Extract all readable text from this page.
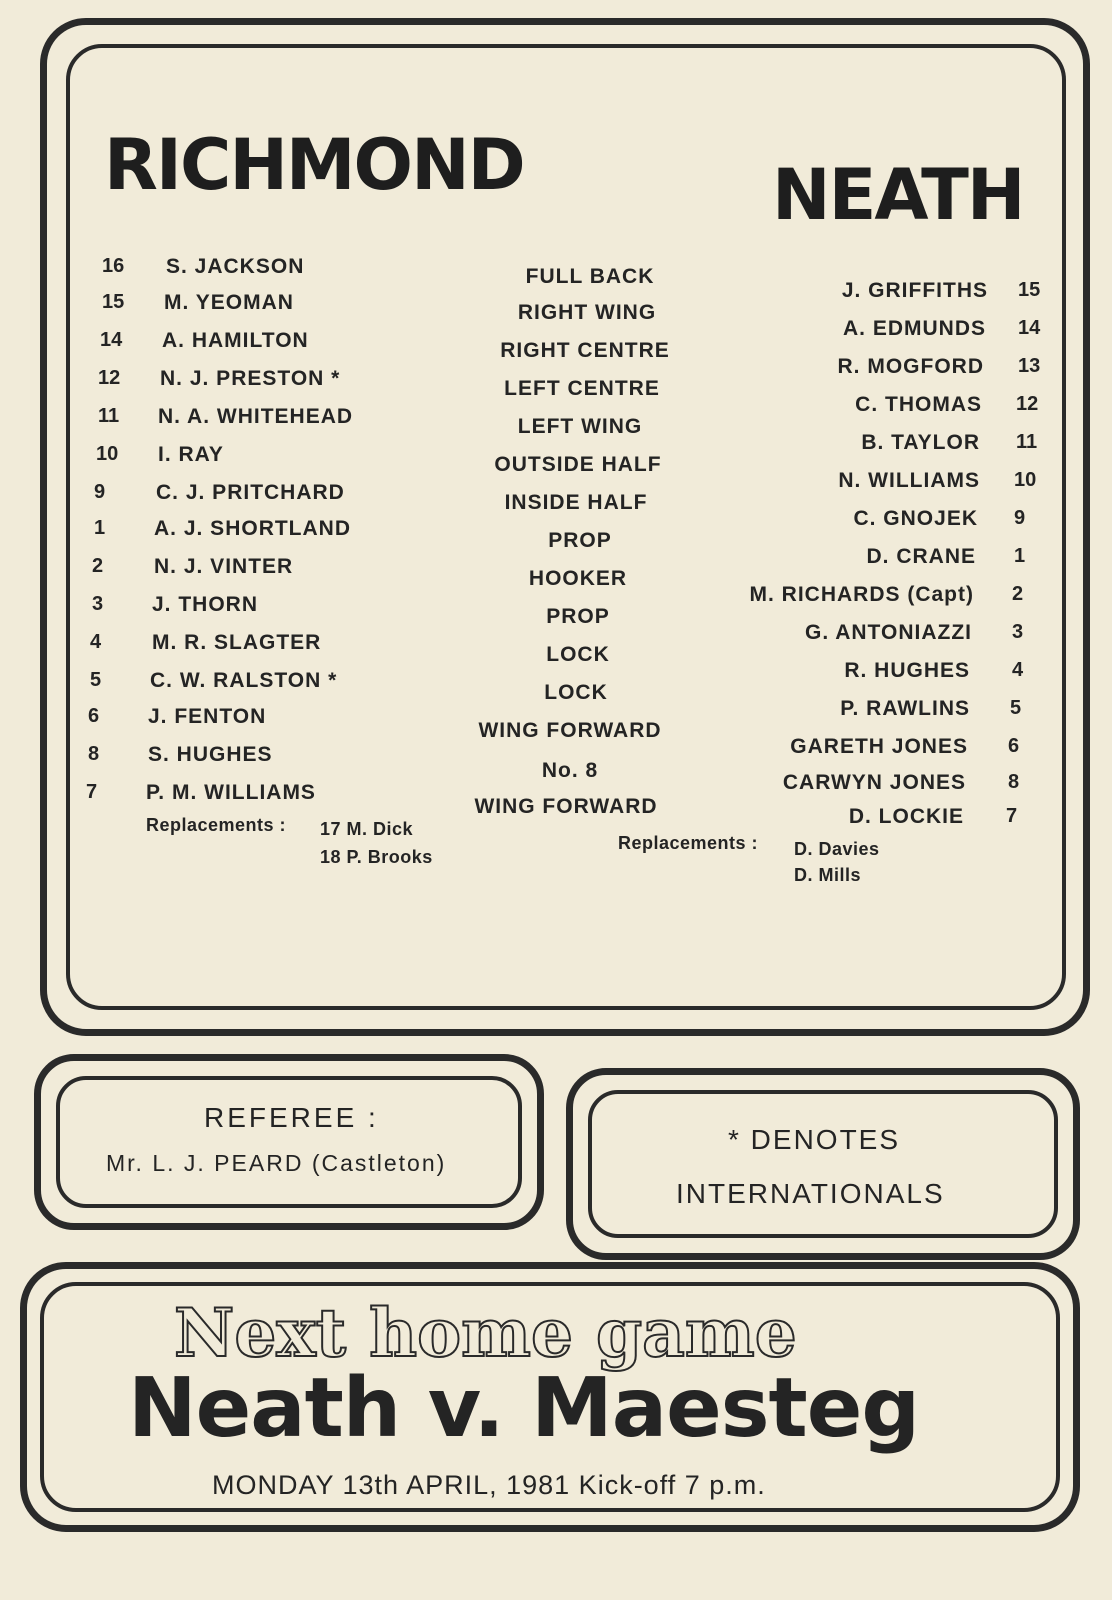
RICHMOND	NEATH
16 S. JACKSON
15 M. YEOMAN
14 A. HAMILTON
12 N. J. PRESTON *
11 N. A. WHITEHEAD
10 I. RAY
9 C. J. PRITCHARD
1 A. J. SHORTLAND
2 N. J. VINTER
3 J. THORN
4 M. R. SLAGTER
5 C. W. RALSTON *
6 J. FENTON
8 S. HUGHES
7 P. M. WILLIAMS
FULL BACK
RIGHT WING
RIGHT CENTRE
LEFT CENTRE
LEFT WING
OUTSIDE HALF
INSIDE HALF
PROP
HOOKER
PROP
LOCK
LOCK
WING FORWARD
No. 8
WING FORWARD
J. GRIFFITHS 15
A. EDMUNDS 14
R. MOGFORD 13
C. THOMAS 12
B. TAYLOR 11
N. WILLIAMS 10
C. GNOJEK 9
D. CRANE 1
M. RICHARDS (Capt) 2
G. ANTONIAZZI 3
R. HUGHES 4
P. RAWLINS 5
GARETH JONES 6
CARWYN JONES 8
D. LOCKIE 7
Replacements : 17 M. Dick
18 P. Brooks
Replacements : D. Davies
D. Mills
REFEREE :
Mr. L. J. PEARD (Castleton)
* DENOTES
INTERNATIONALS
Next home game
Neath v. Maesteg
MONDAY 13th APRIL, 1981 Kick-off 7 p.m.
